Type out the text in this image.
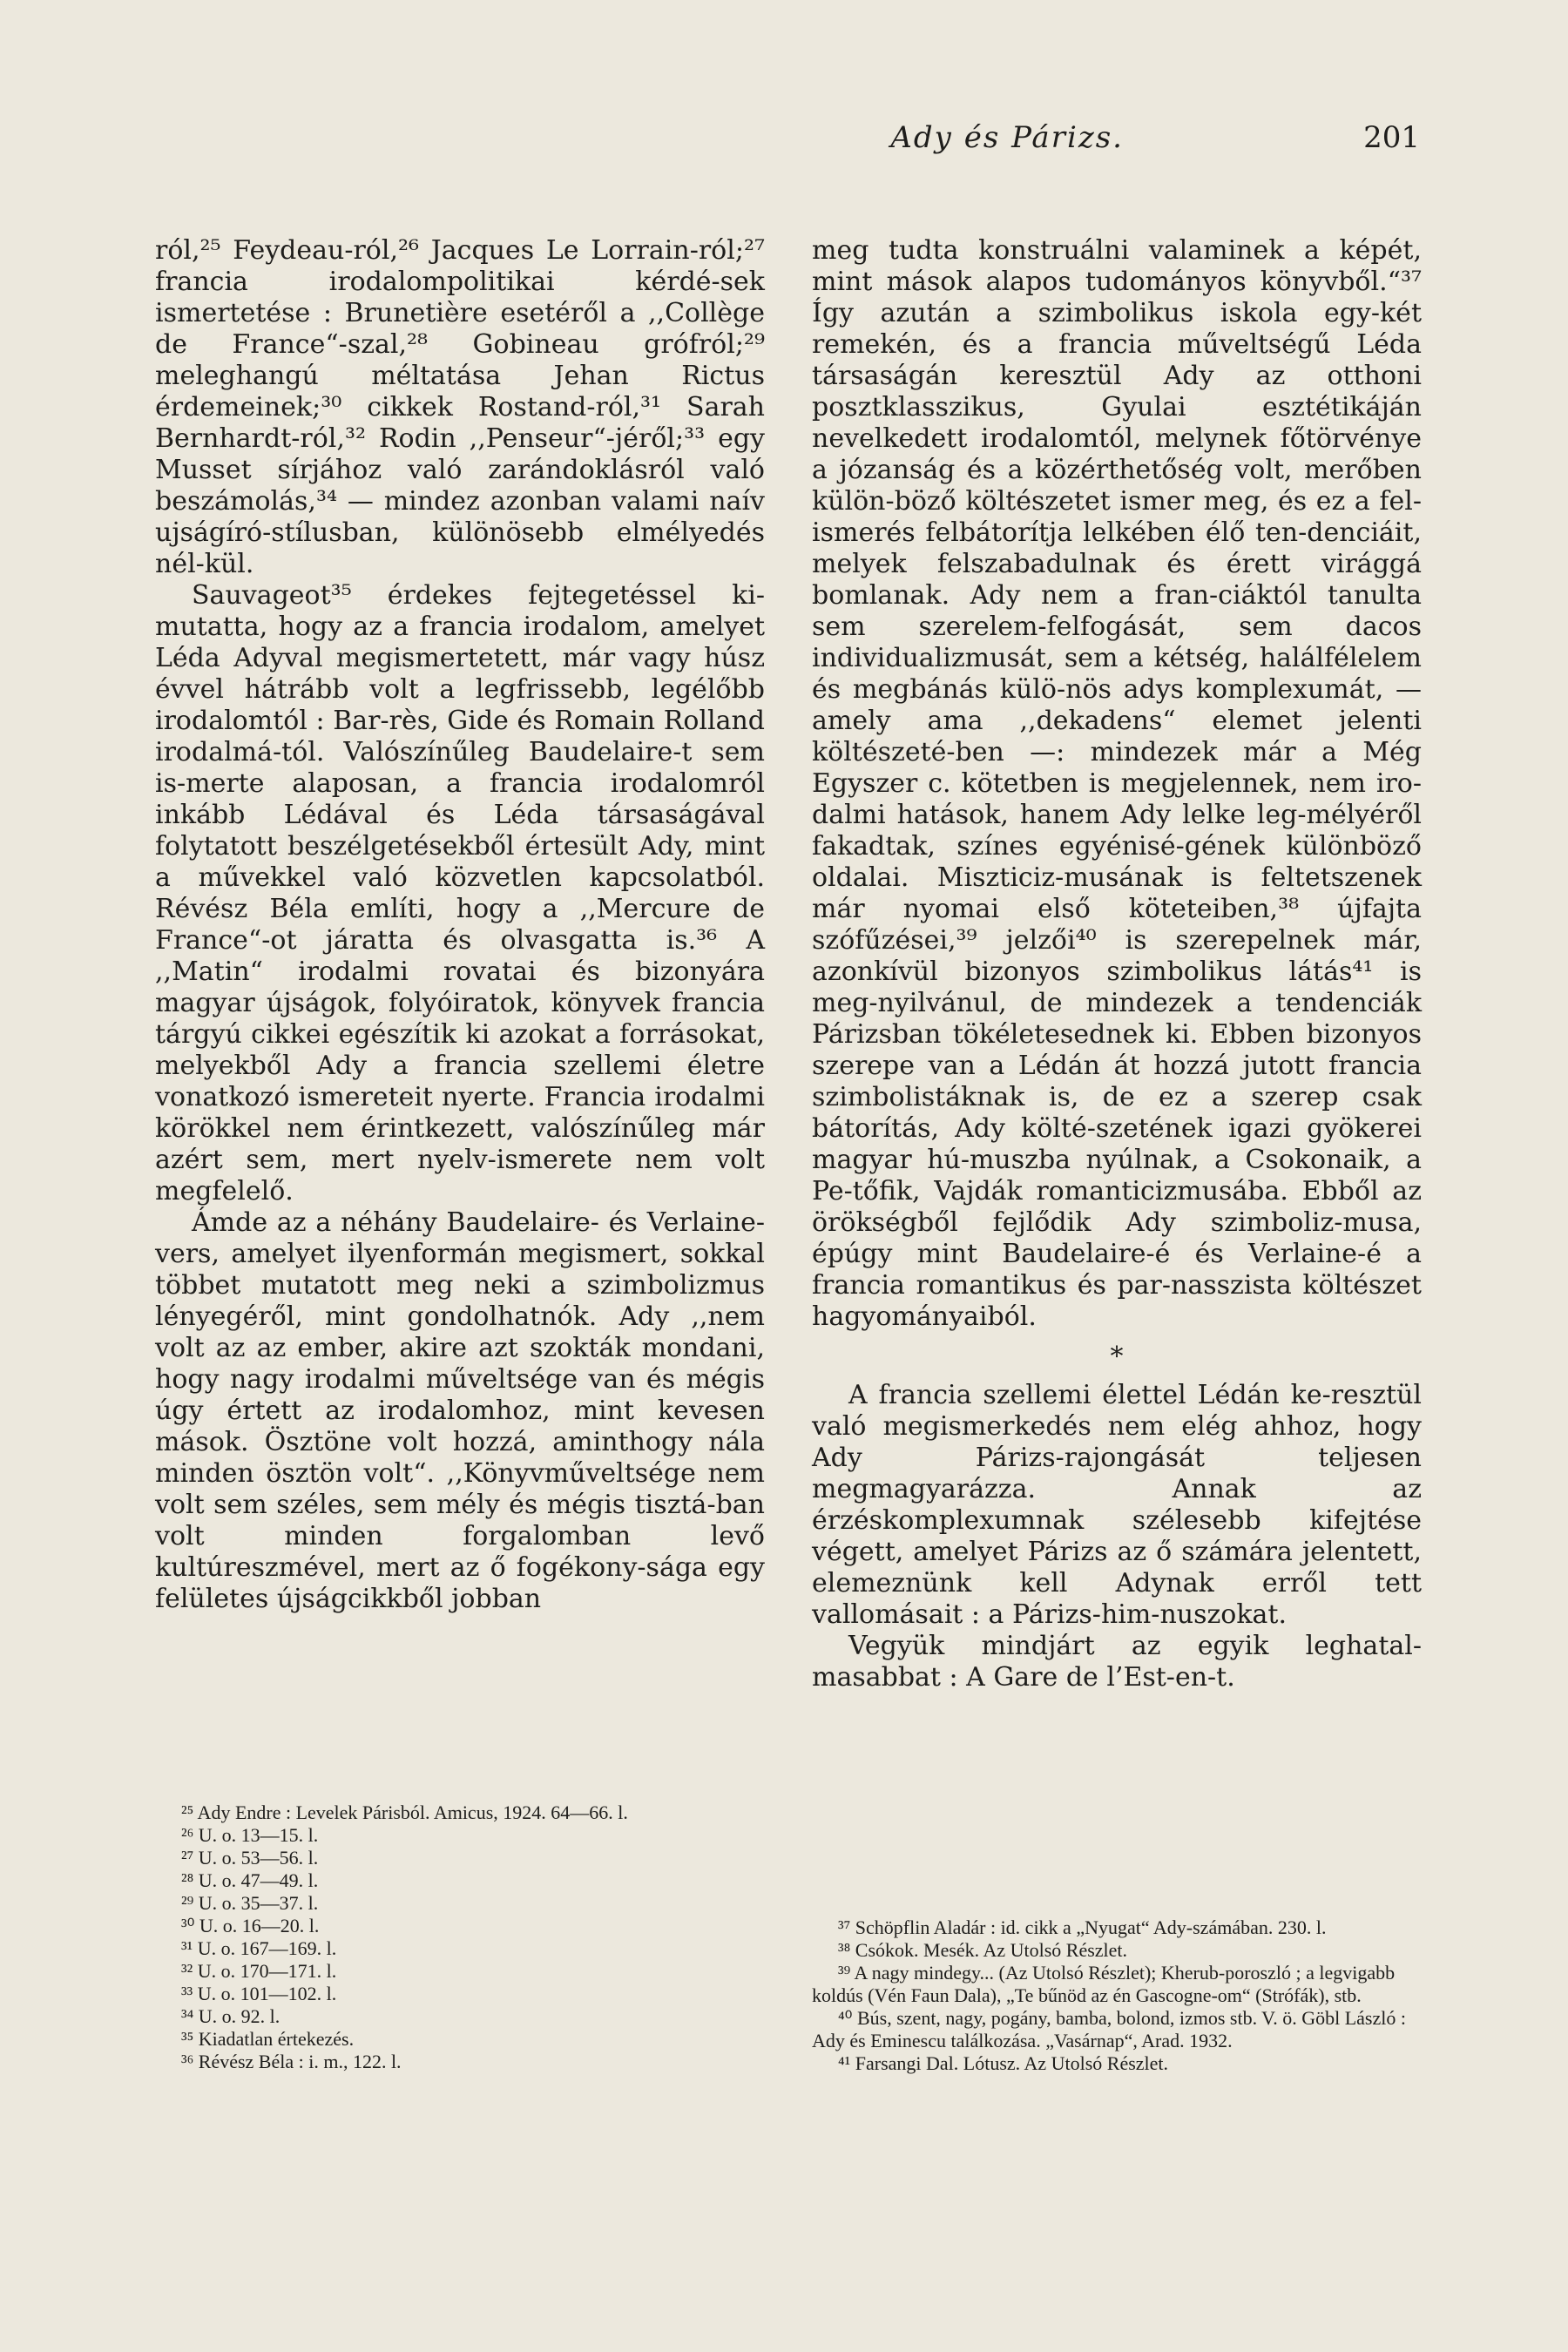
Ady és Párizs.	201

ról,²⁵ Feydeau-ról,²⁶ Jacques Le Lorrain-ról;²⁷ francia irodalompolitikai kérdé-sek ismertetése : Brunetière esetéről a ,,Collège de France“-szal,²⁸ Gobineau grófról;²⁹ meleghangú méltatása Jehan Rictus érdemeinek;³⁰ cikkek Rostand-ról,³¹ Sarah Bernhardt-ról,³² Rodin ,,Penseur“-jéről;³³ egy Musset sírjához való zarándoklásról való beszámolás,³⁴ — mindez azonban valami naív ujságíró-stílusban, különösebb elmélyedés nél-kül.

Sauvageot³⁵ érdekes fejtegetéssel ki-mutatta, hogy az a francia irodalom, amelyet Léda Adyval megismertetett, már vagy húsz évvel hátrább volt a legfrissebb, legélőbb irodalomtól : Bar-rès, Gide és Romain Rolland irodalmá-tól. Valószínűleg Baudelaire-t sem is-merte alaposan, a francia irodalomról inkább Lédával és Léda társaságával folytatott beszélgetésekből értesült Ady, mint a művekkel való közvetlen kapcsolatból. Révész Béla említi, hogy a ,,Mercure de France“-ot járatta és olvasgatta is.³⁶ A ,,Matin“ irodalmi rovatai és bizonyára magyar újságok, folyóiratok, könyvek francia tárgyú cikkei egészítik ki azokat a forrásokat, melyekből Ady a francia szellemi életre vonatkozó ismereteit nyerte. Francia irodalmi körökkel nem érintkezett, valószínűleg már azért sem, mert nyelv-ismerete nem volt megfelelő.

Ámde az a néhány Baudelaire- és Verlaine-vers, amelyet ilyenformán megismert, sokkal többet mutatott meg neki a szimbolizmus lényegéről, mint gondolhatnók. Ady ,,nem volt az az ember, akire azt szokták mondani, hogy nagy irodalmi műveltsége van és mégis úgy értett az irodalomhoz, mint kevesen mások. Ösztöne volt hozzá, aminthogy nála minden ösztön volt“. ,,Könyvműveltsége nem volt sem széles, sem mély és mégis tisztá-ban volt minden forgalomban levő kultúreszmével, mert az ő fogékony-sága egy felületes újságcikkből jobban

meg tudta konstruálni valaminek a képét, mint mások alapos tudományos könyvből.“³⁷ Így azután a szimbolikus iskola egy-két remekén, és a francia műveltségű Léda társaságán keresztül Ady az otthoni posztklasszikus, Gyulai esztétikáján nevelkedett irodalomtól, melynek főtörvénye a józanság és a közérthetőség volt, merőben külön-böző költészetet ismer meg, és ez a fel-ismerés felbátorítja lelkében élő ten-denciáit, melyek felszabadulnak és érett virággá bomlanak. Ady nem a fran-ciáktól tanulta sem szerelem-felfogását, sem dacos individualizmusát, sem a kétség, halálfélelem és megbánás külö-nös adys komplexumát, — amely ama ,,dekadens“ elemet jelenti költészeté-ben —: mindezek már a Még Egyszer c. kötetben is megjelennek, nem iro-dalmi hatások, hanem Ady lelke leg-mélyéről fakadtak, színes egyénisé-gének különböző oldalai. Miszticiz-musának is feltetszenek már nyomai első köteteiben,³⁸ újfajta szófűzései,³⁹ jelzői⁴⁰ is szerepelnek már, azonkívül bizonyos szimbolikus látás⁴¹ is meg-nyilvánul, de mindezek a tendenciák Párizsban tökéletesednek ki. Ebben bizonyos szerepe van a Lédán át hozzá jutott francia szimbolistáknak is, de ez a szerep csak bátorítás, Ady költé-szetének igazi gyökerei magyar hú-muszba nyúlnak, a Csokonaik, a Pe-tőfik, Vajdák romanticizmusába. Ebből az örökségből fejlődik Ady szimboliz-musa, épúgy mint Baudelaire-é és Verlaine-é a francia romantikus és par-nasszista költészet hagyományaiból.

*

A francia szellemi élettel Lédán ke-resztül való megismerkedés nem elég ahhoz, hogy Ady Párizs-rajongását teljesen megmagyarázza. Annak az érzéskomplexumnak szélesebb kifejtése végett, amelyet Párizs az ő számára jelentett, elemeznünk kell Adynak erről tett vallomásait : a Párizs-him-nuszokat.

Vegyük mindjárt az egyik leghatal-masabbat : A Gare de l’Est-en-t.

²⁵ Ady Endre : Levelek Párisból. Amicus, 1924. 64—66. l.

²⁶ U. o. 13—15. l.

²⁷ U. o. 53—56. l.

²⁸ U. o. 47—49. l.

²⁹ U. o. 35—37. l.

³⁰ U. o. 16—20. l.

³¹ U. o. 167—169. l.

³² U. o. 170—171. l.

³³ U. o. 101—102. l.

³⁴ U. o. 92. l.

³⁵ Kiadatlan értekezés.

³⁶ Révész Béla : i. m., 122. l.

³⁷ Schöpflin Aladár : id. cikk a „Nyugat“ Ady-számában. 230. l.

³⁸ Csókok. Mesék. Az Utolsó Részlet.

³⁹ A nagy mindegy... (Az Utolsó Részlet); Kherub-poroszló ; a legvigabb koldús (Vén Faun Dala), „Te bűnöd az én Gascogne-om“ (Strófák), stb.

⁴⁰ Bús, szent, nagy, pogány, bamba, bolond, izmos stb. V. ö. Göbl László : Ady és Eminescu találkozása. „Vasárnap“, Arad. 1932.

⁴¹ Farsangi Dal. Lótusz. Az Utolsó Részlet.
